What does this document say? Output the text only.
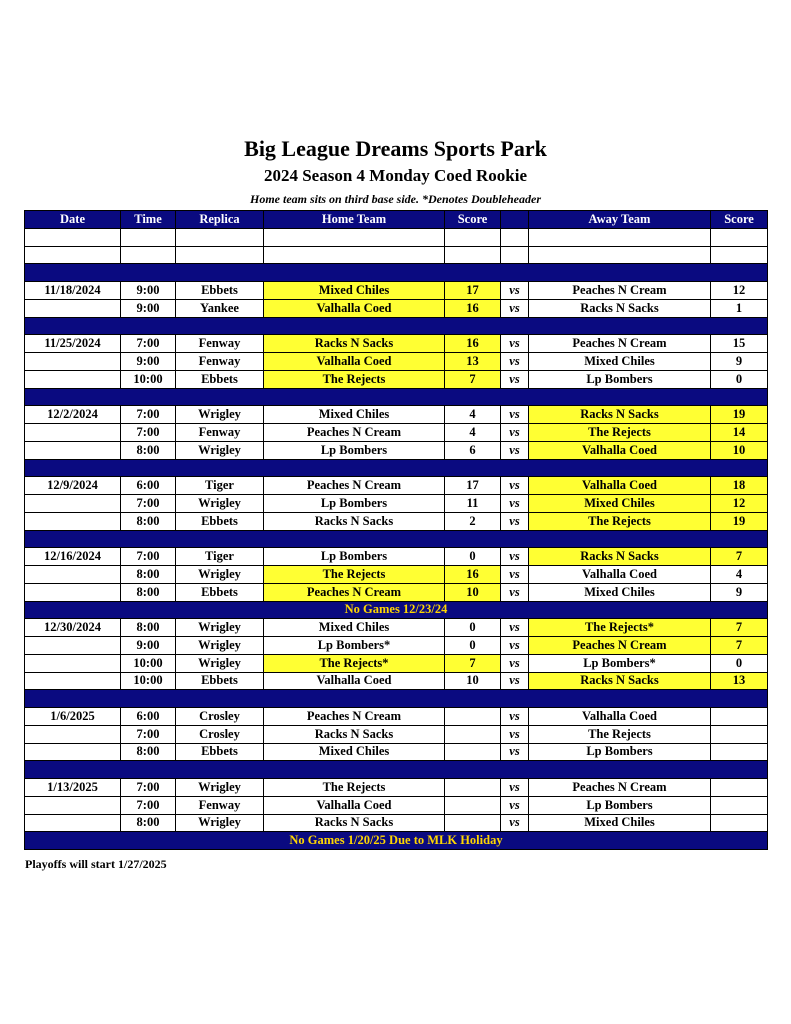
Big League Dreams Sports Park
2024 Season 4 Monday Coed Rookie
Home team sits on third base side. *Denotes Doubleheader
Date	Time	Replica	Home Team	Score		Away Team	Score

11/18/2024	9:00	Ebbets	Mixed Chiles	17	vs	Peaches N Cream	12
	9:00	Yankee	Valhalla Coed	16	vs	Racks N Sacks	1

11/25/2024	7:00	Fenway	Racks N Sacks	16	vs	Peaches N Cream	15
	9:00	Fenway	Valhalla Coed	13	vs	Mixed Chiles	9
	10:00	Ebbets	The Rejects	7	vs	Lp Bombers	0

12/2/2024	7:00	Wrigley	Mixed Chiles	4	vs	Racks N Sacks	19
	7:00	Fenway	Peaches N Cream	4	vs	The Rejects	14
	8:00	Wrigley	Lp Bombers	6	vs	Valhalla Coed	10

12/9/2024	6:00	Tiger	Peaches N Cream	17	vs	Valhalla Coed	18
	7:00	Wrigley	Lp Bombers	11	vs	Mixed Chiles	12
	8:00	Ebbets	Racks N Sacks	2	vs	The Rejects	19

12/16/2024	7:00	Tiger	Lp Bombers	0	vs	Racks N Sacks	7
	8:00	Wrigley	The Rejects	16	vs	Valhalla Coed	4
	8:00	Ebbets	Peaches N Cream	10	vs	Mixed Chiles	9
No Games 12/23/24							
12/30/2024	8:00	Wrigley	Mixed Chiles	0	vs	The Rejects*	7
	9:00	Wrigley	Lp Bombers*	0	vs	Peaches N Cream	7
	10:00	Wrigley	The Rejects*	7	vs	Lp Bombers*	0
	10:00	Ebbets	Valhalla Coed	10	vs	Racks N Sacks	13

1/6/2025	6:00	Crosley	Peaches N Cream		vs	Valhalla Coed	
	7:00	Crosley	Racks N Sacks		vs	The Rejects	
	8:00	Ebbets	Mixed Chiles		vs	Lp Bombers	

1/13/2025	7:00	Wrigley	The Rejects		vs	Peaches N Cream	
	7:00	Fenway	Valhalla Coed		vs	Lp Bombers	
	8:00	Wrigley	Racks N Sacks		vs	Mixed Chiles	
No Games 1/20/25 Due to MLK Holiday							
Playoffs will start 1/27/2025
